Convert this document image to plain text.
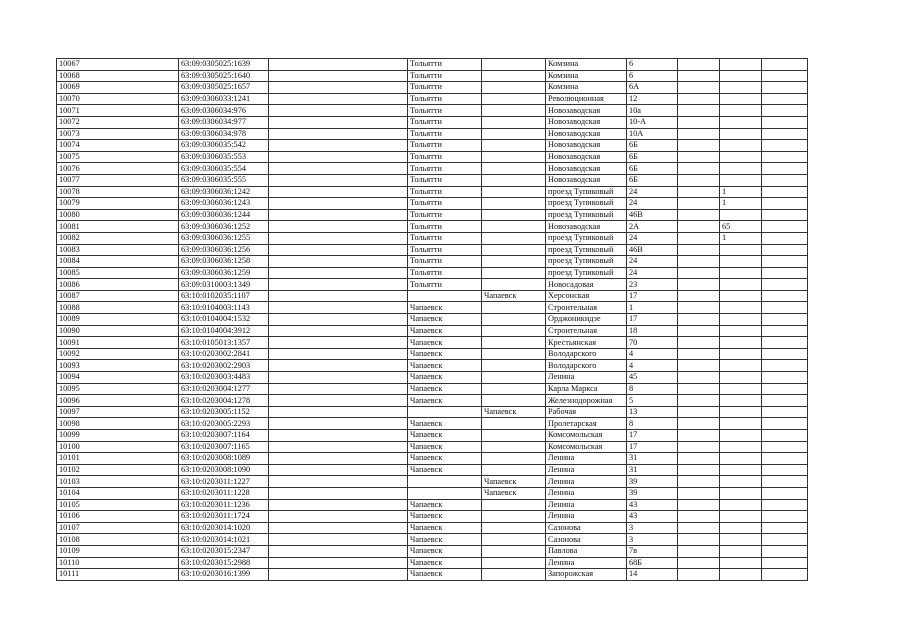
10067	63:09:0305025:1639		Тольятти		Комзина	6			
10068	63:09:0305025:1640		Тольятти		Комзина	6			
10069	63:09:0305025:1657		Тольятти		Комзина	6А			
10070	63:09:0306033:1241		Тольятти		Революционная	12			
10071	63:09:0306034:976		Тольятти		Новозаводская	10а			
10072	63:09:0306034:977		Тольятти		Новозаводская	10-А			
10073	63:09:0306034:978		Тольятти		Новозаводская	10А			
10074	63:09:0306035:542		Тольятти		Новозаводская	6Б			
10075	63:09:0306035:553		Тольятти		Новозаводская	6Б			
10076	63:09:0306035:554		Тольятти		Новозаводская	6Б			
10077	63:09:0306035:555		Тольятти		Новозаводская	6Б			
10078	63:09:0306036:1242		Тольятти		проезд Тупиковый	24		1	
10079	63:09:0306036:1243		Тольятти		проезд Тупиковый	24		1	
10080	63:09:0306036:1244		Тольятти		проезд Тупиковый	46В			
10081	63:09:0306036:1252		Тольятти		Новозаводская	2А		65	
10082	63:09:0306036:1255		Тольятти		проезд Тупиковый	24		1	
10083	63:09:0306036:1256		Тольятти		проезд Тупиковый	46В			
10084	63:09:0306036:1258		Тольятти		проезд Тупиковый	24			
10085	63:09:0306036:1259		Тольятти		проезд Тупиковый	24			
10086	63:09:0310003:1349		Тольятти		Новосадовая	23			
10087	63:10:0102035:1107			Чапаевск	Херсонская	17			
10088	63:10:0104003:1143		Чапаевск		Строительная	1			
10089	63:10:0104004:1532		Чапаевск		Орджоникидзе	17			
10090	63:10:0104004:3912		Чапаевск		Строительная	18			
10091	63:10:0105013:1357		Чапаевск		Крестьянская	70			
10092	63:10:0203002:2841		Чапаевск		Володарского	4			
10093	63:10:0203002:2903		Чапаевск		Володарского	4			
10094	63:10:0203003:4483		Чапаевск		Ленина	45			
10095	63:10:0203004:1277		Чапаевск		Карла Маркса	8			
10096	63:10:0203004:1278		Чапаевск		Железнодорожная	5			
10097	63:10:0203005:1152			Чапаевск	Рабочая	13			
10098	63:10:0203005:2293		Чапаевск		Пролетарская	8			
10099	63:10:0203007:1164		Чапаевск		Комсомольская	17			
10100	63:10:0203007:1165		Чапаевск		Комсомольская	17			
10101	63:10:0203008:1089		Чапаевск		Ленина	31			
10102	63:10:0203008:1090		Чапаевск		Ленина	31			
10103	63:10:0203011:1227			Чапаевск	Ленина	39			
10104	63:10:0203011:1228			Чапаевск	Ленина	39			
10105	63:10:0203011:1236		Чапаевск		Ленина	43			
10106	63:10:0203011:1724		Чапаевск		Ленина	43			
10107	63:10:0203014:1020		Чапаевск		Сазонова	3			
10108	63:10:0203014:1021		Чапаевск		Сазонова	3			
10109	63:10:0203015:2347		Чапаевск		Павлова	7в			
10110	63:10:0203015:2988		Чапаевск		Ленина	68Б			
10111	63:10:0203016:1399		Чапаевск		Запорожская	14			
